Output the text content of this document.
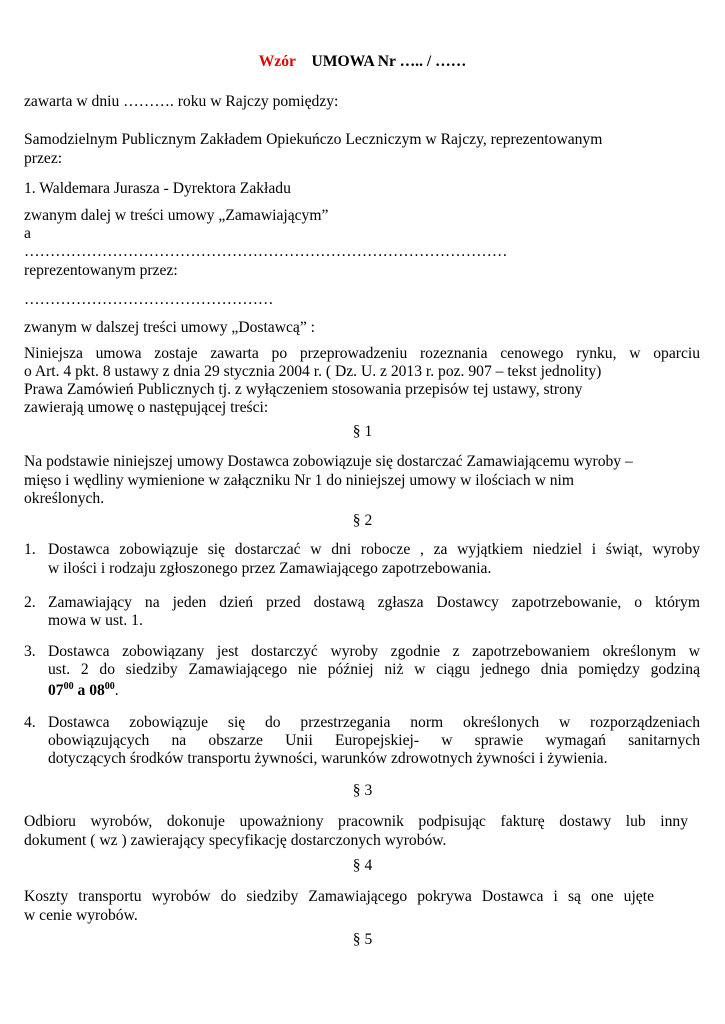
Wzór UMOWA Nr ….. / ……
zawarta w dniu ………. roku w Rajczy pomiędzy:
Samodzielnym Publicznym Zakładem Opiekuńczo Leczniczym w Rajczy, reprezentowanym
przez:
1. Waldemara Jurasza - Dyrektora Zakładu
zwanym dalej w treści umowy „Zamawiającym”
a
…………………………………………………………………………………
reprezentowanym przez:
…………………………………………
zwanym w dalszej treści umowy „Dostawcą” :
Niniejsza umowa zostaje zawarta po przeprowadzeniu rozeznania cenowego rynku, w oparciu
o Art. 4 pkt. 8 ustawy z dnia 29 stycznia 2004 r. ( Dz. U. z 2013 r. poz. 907 – tekst jednolity)
Prawa Zamówień Publicznych tj. z wyłączeniem stosowania przepisów tej ustawy, strony
zawierają umowę o następującej treści:
§ 1
Na podstawie niniejszej umowy Dostawca zobowiązuje się dostarczać Zamawiającemu wyroby –
mięso i wędliny wymienione w załączniku Nr 1 do niniejszej umowy w ilościach w nim
określonych.
§ 2
1. Dostawca zobowiązuje się dostarczać w dni robocze , za wyjątkiem niedziel i świąt, wyroby
w ilości i rodzaju zgłoszonego przez Zamawiającego zapotrzebowania.
2. Zamawiający na jeden dzień przed dostawą zgłasza Dostawcy zapotrzebowanie, o którym
mowa w ust. 1.
3. Dostawca zobowiązany jest dostarczyć wyroby zgodnie z zapotrzebowaniem określonym w
ust. 2 do siedziby Zamawiającego nie później niż w ciągu jednego dnia pomiędzy godziną
$07^{00}$ a $08^{00}$.
4. Dostawca zobowiązuje się do przestrzegania norm określonych w rozporządzeniach
obowiązujących na obszarze Unii Europejskiej- w sprawie wymagań sanitarnych
dotyczących środków transportu żywności, warunków zdrowotnych żywności i żywienia.
§ 3
Odbioru wyrobów, dokonuje upoważniony pracownik podpisując fakturę dostawy lub inny
dokument ( wz ) zawierający specyfikację dostarczonych wyrobów.
§ 4
Koszty transportu wyrobów do siedziby Zamawiającego pokrywa Dostawca i są one ujęte
w cenie wyrobów.
§ 5
